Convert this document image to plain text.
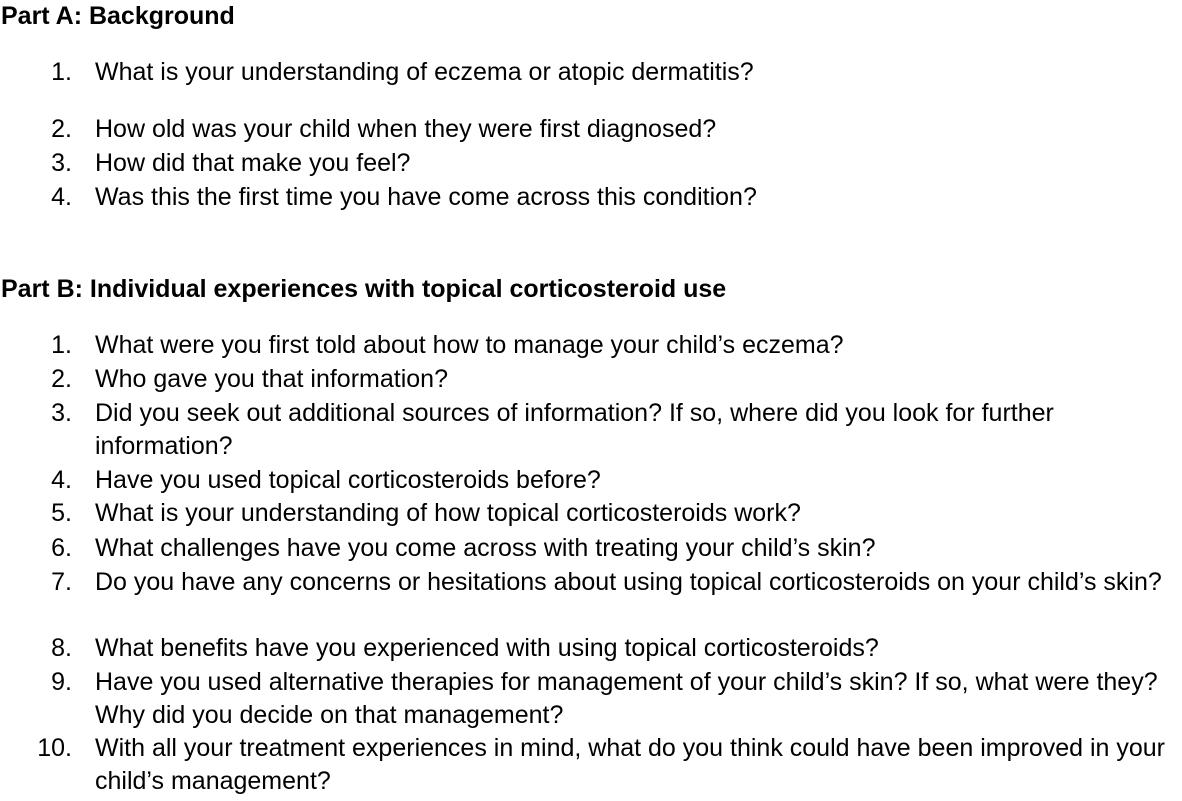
Part A: Background
1. What is your understanding of eczema or atopic dermatitis?
2. How old was your child when they were first diagnosed?
3. How did that make you feel?
4. Was this the first time you have come across this condition?
Part B: Individual experiences with topical corticosteroid use
1. What were you first told about how to manage your child’s eczema?
2. Who gave you that information?
3. Did you seek out additional sources of information? If so, where did you look for further information?
4. Have you used topical corticosteroids before?
5. What is your understanding of how topical corticosteroids work?
6. What challenges have you come across with treating your child’s skin?
7. Do you have any concerns or hesitations about using topical corticosteroids on your child’s skin?
8. What benefits have you experienced with using topical corticosteroids?
9. Have you used alternative therapies for management of your child’s skin? If so, what were they? Why did you decide on that management?
10. With all your treatment experiences in mind, what do you think could have been improved in your child’s management?
